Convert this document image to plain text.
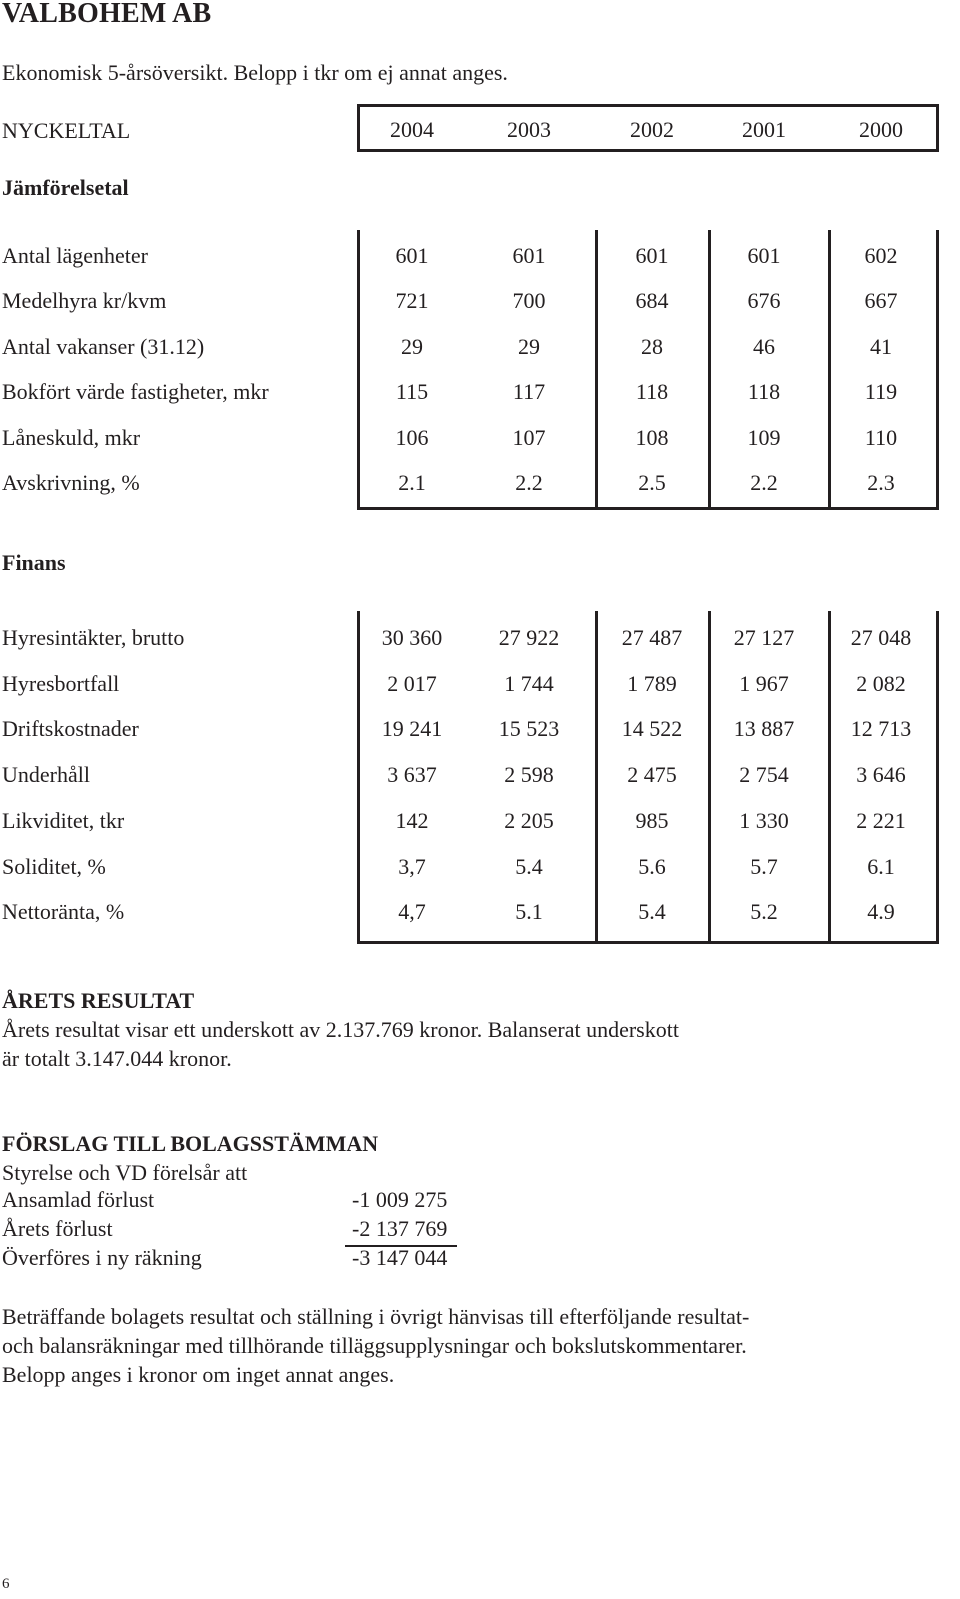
VALBOHEM AB
Ekonomisk 5-årsöversikt. Belopp i tkr om ej annat anges.
NYCKELTAL	2004	2003	2002	2001	2000
Jämförelsetal
Antal lägenheter	601	601	601	601	602
Medelhyra kr/kvm	721	700	684	676	667
Antal vakanser (31.12)	29	29	28	46	41
Bokfört värde fastigheter, mkr	115	117	118	118	119
Låneskuld, mkr	106	107	108	109	110
Avskrivning, %	2.1	2.2	2.5	2.2	2.3
Finans
Hyresintäkter, brutto	30 360	27 922	27 487	27 127	27 048
Hyresbortfall	2 017	1 744	1 789	1 967	2 082
Driftskostnader	19 241	15 523	14 522	13 887	12 713
Underhåll	3 637	2 598	2 475	2 754	3 646
Likviditet, tkr	142	2 205	985	1 330	2 221
Soliditet, %	3,7	5.4	5.6	5.7	6.1
Nettoränta, %	4,7	5.1	5.4	5.2	4.9
ÅRETS RESULTAT
Årets resultat visar ett underskott av 2.137.769 kronor. Balanserat underskott
är totalt 3.147.044 kronor.
FÖRSLAG TILL BOLAGSSTÄMMAN
Styrelse och VD förelsår att
Ansamlad förlust	-1 009 275
Årets förlust	-2 137 769
Överföres i ny räkning	-3 147 044
Beträffande bolagets resultat och ställning i övrigt hänvisas till efterföljande resultat-
och balansräkningar med tillhörande tilläggsupplysningar och bokslutskommentarer.
Belopp anges i kronor om inget annat anges.
6
